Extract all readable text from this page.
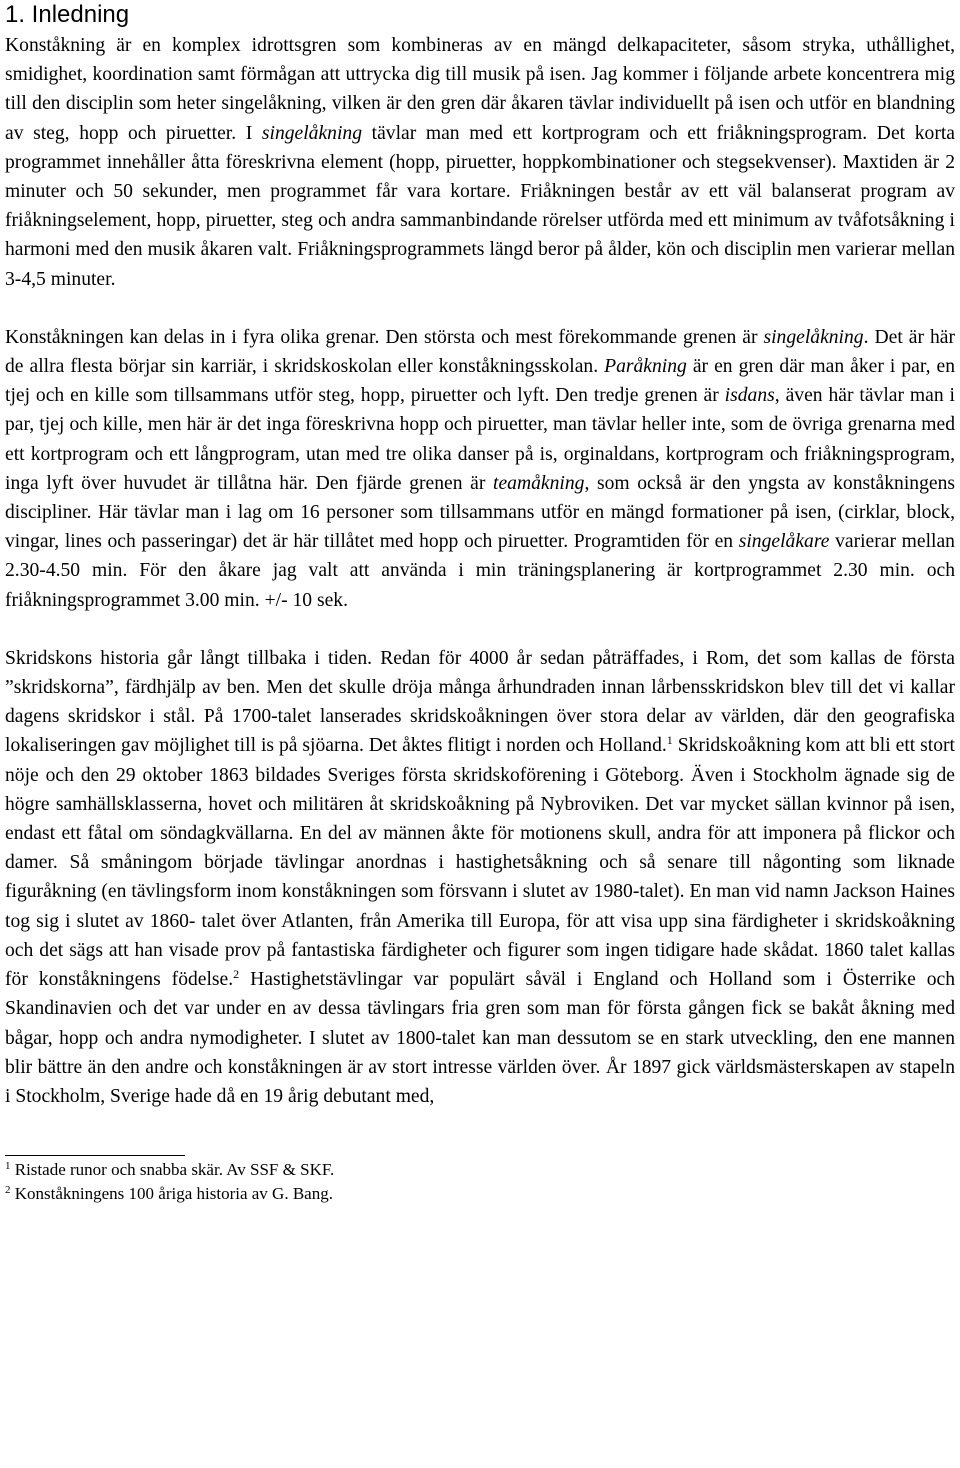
1. Inledning

Konståkning är en komplex idrottsgren som kombineras av en mängd delkapaciteter, såsom stryka, uthållighet, smidighet, koordination samt förmågan att uttrycka dig till musik på isen. Jag kommer i följande arbete koncentrera mig till den disciplin som heter singelåkning, vilken är den gren där åkaren tävlar individuellt på isen och utför en blandning av steg, hopp och piruetter. I singelåkning tävlar man med ett kortprogram och ett friåkningsprogram. Det korta programmet innehåller åtta föreskrivna element (hopp, piruetter, hoppkombinationer och stegsekvenser). Maxtiden är 2 minuter och 50 sekunder, men programmet får vara kortare. Friåkningen består av ett väl balanserat program av friåkningselement, hopp, piruetter, steg och andra sammanbindande rörelser utförda med ett minimum av tvåfotsåkning i harmoni med den musik åkaren valt. Friåkningsprogrammets längd beror på ålder, kön och disciplin men varierar mellan 3-4,5 minuter.

Konståkningen kan delas in i fyra olika grenar. Den största och mest förekommande grenen är singelåkning. Det är här de allra flesta börjar sin karriär, i skridskoskolan eller konståkningsskolan. Paråkning är en gren där man åker i par, en tjej och en kille som tillsammans utför steg, hopp, piruetter och lyft. Den tredje grenen är isdans, även här tävlar man i par, tjej och kille, men här är det inga föreskrivna hopp och piruetter, man tävlar heller inte, som de övriga grenarna med ett kortprogram och ett långprogram, utan med tre olika danser på is, orginaldans, kortprogram och friåkningsprogram, inga lyft över huvudet är tillåtna här. Den fjärde grenen är teamåkning, som också är den yngsta av konståkningens discipliner. Här tävlar man i lag om 16 personer som tillsammans utför en mängd formationer på isen, (cirklar, block, vingar, lines och passeringar) det är här tillåtet med hopp och piruetter. Programtiden för en singelåkare varierar mellan 2.30-4.50 min. För den åkare jag valt att använda i min träningsplanering är kortprogrammet 2.30 min. och friåkningsprogrammet 3.00 min. +/- 10 sek.

Skridskons historia går långt tillbaka i tiden. Redan för 4000 år sedan påträffades, i Rom, det som kallas de första ”skridskorna”, färdhjälp av ben. Men det skulle dröja många århundraden innan lårbensskridskon blev till det vi kallar dagens skridskor i stål. På 1700-talet lanserades skridskoåkningen över stora delar av världen, där den geografiska lokaliseringen gav möjlighet till is på sjöarna. Det åktes flitigt i norden och Holland.$^1$ Skridskoåkning kom att bli ett stort nöje och den 29 oktober 1863 bildades Sveriges första skridskoförening i Göteborg. Även i Stockholm ägnade sig de högre samhällsklasserna, hovet och militären åt skridskoåkning på Nybroviken. Det var mycket sällan kvinnor på isen, endast ett fåtal om söndagkvällarna. En del av männen åkte för motionens skull, andra för att imponera på flickor och damer. Så småningom började tävlingar anordnas i hastighetsåkning och så senare till någonting som liknade figuråkning (en tävlingsform inom konståkningen som försvann i slutet av 1980-talet). En man vid namn Jackson Haines tog sig i slutet av 1860- talet över Atlanten, från Amerika till Europa, för att visa upp sina färdigheter i skridskoåkning och det sägs att han visade prov på fantastiska färdigheter och figurer som ingen tidigare hade skådat. 1860 talet kallas för konståkningens födelse.$^2$ Hastighetstävlingar var populärt såväl i England och Holland som i Österrike och Skandinavien och det var under en av dessa tävlingars fria gren som man för första gången fick se bakåt åkning med bågar, hopp och andra nymodigheter. I slutet av 1800-talet kan man dessutom se en stark utveckling, den ene mannen blir bättre än den andre och konståkningen är av stort intresse världen över. År 1897 gick världsmästerskapen av stapeln i Stockholm, Sverige hade då en 19 årig debutant med,

$^1$ Ristade runor och snabba skär. Av SSF & SKF.

$^2$ Konståkningens 100 åriga historia av G. Bang.
